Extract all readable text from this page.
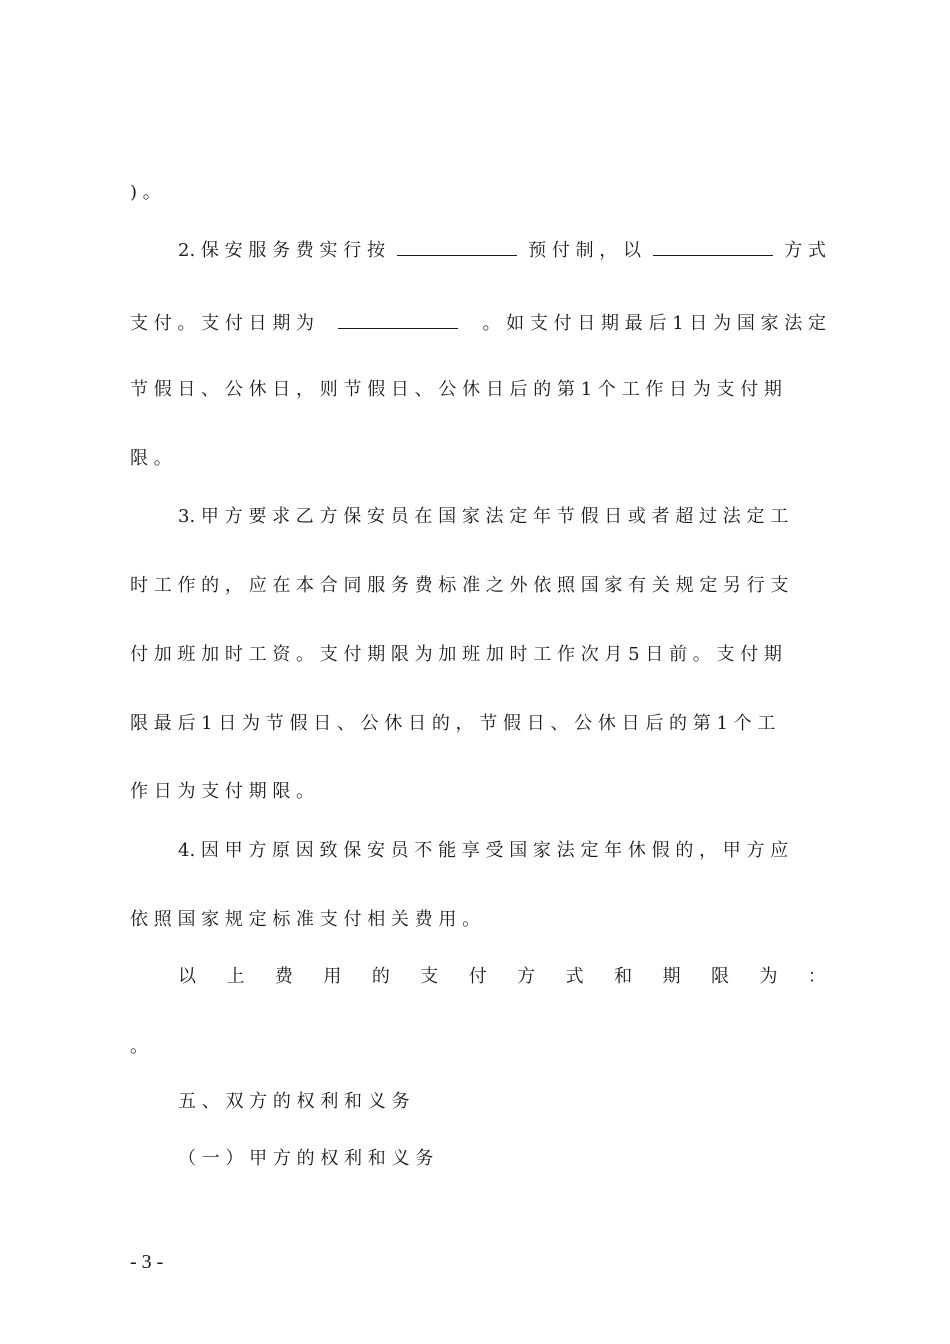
) 。
2. 保 安 服 务 费 实 行 按	预 付 制 ， 以	方 式
支 付 。 支 付 日 期 为	。 如 支 付 日 期 最 后 1 日 为 国 家 法 定
节 假 日 、 公 休 日 ， 则 节 假 日 、 公 休 日 后 的 第 1 个 工 作 日 为 支 付 期
限 。
3. 甲 方 要 求 乙 方 保 安 员 在 国 家 法 定 年 节 假 日 或 者 超 过 法 定 工
时 工 作 的 ， 应 在 本 合 同 服 务 费 标 准 之 外 依 照 国 家 有 关 规 定 另 行 支
付 加 班 加 时 工 资 。 支 付 期 限 为 加 班 加 时 工 作 次 月 5 日 前 。 支 付 期
限 最 后 1 日 为 节 假 日 、 公 休 日 的 ， 节 假 日 、 公 休 日 后 的 第 1 个 工
作 日 为 支 付 期 限 。
4. 因 甲 方 原 因 致 保 安 员 不 能 享 受 国 家 法 定 年 休 假 的 ， 甲 方 应
依 照 国 家 规 定 标 准 支 付 相 关 费 用 。
以 上 费 用 的 支 付 方 式 和 期 限 为 ：
。
五 、 双 方 的 权 利 和 义 务
（ 一 ） 甲 方 的 权 利 和 义 务
- 3 -
